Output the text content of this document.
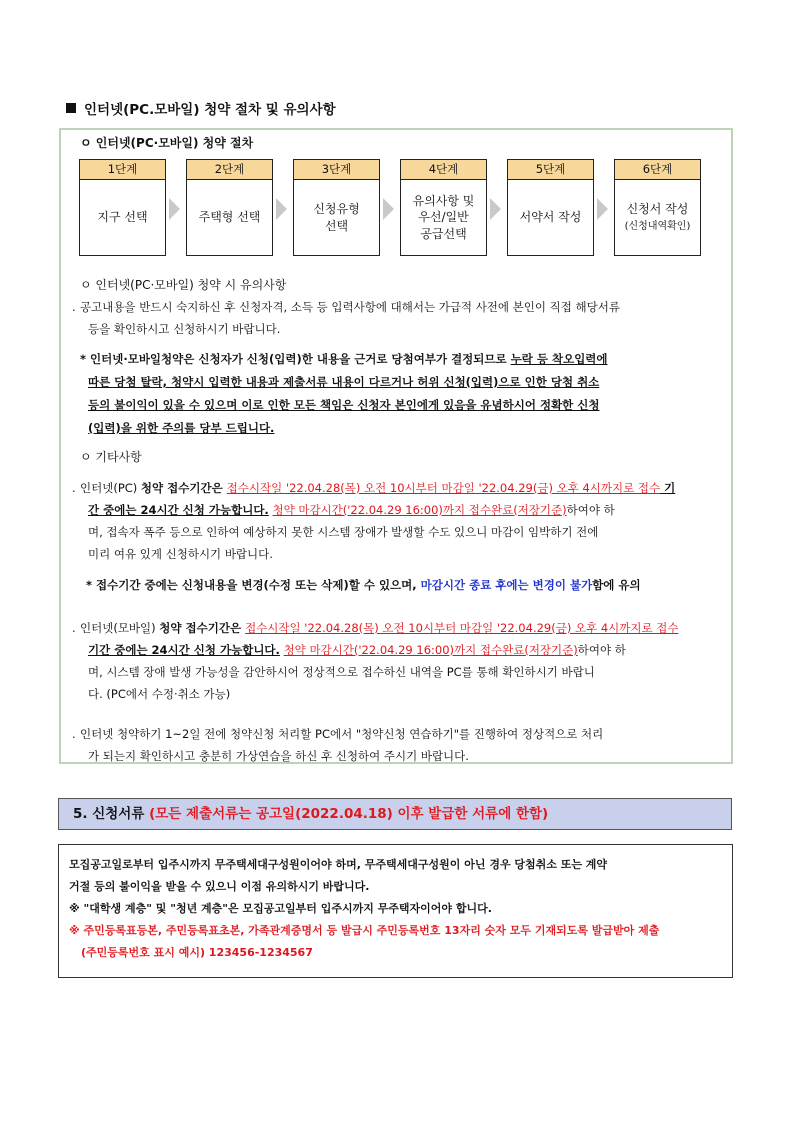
인터넷(PC.모바일) 청약 절차 및 유의사항
ㅇ 인터넷(PC·모바일) 청약 절차
1단계
지구 선택
2단계
주택형 선택
3단계
신청유형
선택
4단계
유의사항 및
우선/일반
공급선택
5단계
서약서 작성
6단계
신청서 작성
(신청내역확인)
ㅇ 인터넷(PC·모바일) 청약 시 유의사항
. 공고내용을 반드시 숙지하신 후 신청자격, 소득 등 입력사항에 대해서는 가급적 사전에 본인이 직접 해당서류
등을 확인하시고 신청하시기 바랍니다.
* 인터넷·모바일청약은 신청자가 신청(입력)한 내용을 근거로 당첨여부가 결정되므로 누락 등 착오입력에
따른 당첨 탈락, 청약시 입력한 내용과 제출서류 내용이 다르거나 허위 신청(입력)으로 인한 당첨 취소
등의 불이익이 있을 수 있으며 이로 인한 모든 책임은 신청자 본인에게 있음을 유념하시어 정확한 신청
(입력)을 위한 주의를 당부 드립니다.
ㅇ 기타사항
. 인터넷(PC) 청약 접수기간은 접수시작일 '22.04.28(목) 오전 10시부터 마감일 '22.04.29(금) 오후 4시까지로 접수 기
간 중에는 24시간 신청 가능합니다. 청약 마감시간('22.04.29 16:00)까지 접수완료(저장기준)하여야 하
며, 접속자 폭주 등으로 인하여 예상하지 못한 시스템 장애가 발생할 수도 있으니 마감이 임박하기 전에
미리 여유 있게 신청하시기 바랍니다.
* 접수기간 중에는 신청내용을 변경(수정 또는 삭제)할 수 있으며, 마감시간 종료 후에는 변경이 불가함에 유의
. 인터넷(모바일) 청약 접수기간은 접수시작일 '22.04.28(목) 오전 10시부터 마감일 '22.04.29(금) 오후 4시까지로 접수
기간 중에는 24시간 신청 가능합니다. 청약 마감시간('22.04.29 16:00)까지 접수완료(저장기준)하여야 하
며, 시스템 장애 발생 가능성을 감안하시어 정상적으로 접수하신 내역을 PC를 통해 확인하시기 바랍니
다. (PC에서 수정·취소 가능)
. 인터넷 청약하기 1~2일 전에 청약신청 처리할 PC에서 "청약신청 연습하기"를 진행하여 정상적으로 처리
가 되는지 확인하시고 충분히 가상연습을 하신 후 신청하여 주시기 바랍니다.
5. 신청서류 (모든 제출서류는 공고일(2022.04.18) 이후 발급한 서류에 한함)
모집공고일로부터 입주시까지 무주택세대구성원이어야 하며, 무주택세대구성원이 아닌 경우 당첨취소 또는 계약
거절 등의 불이익을 받을 수 있으니 이점 유의하시기 바랍니다.
※ "대학생 계층" 및 "청년 계층"은 모집공고일부터 입주시까지 무주택자이어야 합니다.
※ 주민등록표등본, 주민등록표초본, 가족관계증명서 등 발급시 주민등록번호 13자리 숫자 모두 기재되도록 발급받아 제출
(주민등록번호 표시 예시) 123456-1234567
